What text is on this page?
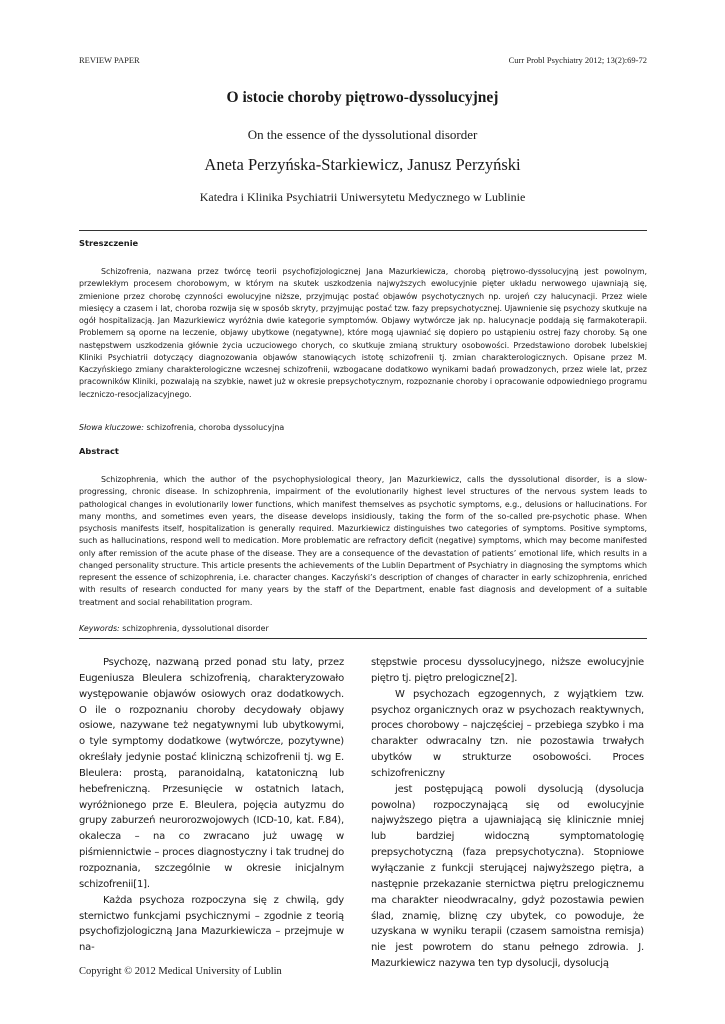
REVIEW PAPER	Curr Probl Psychiatry 2012; 13(2):69-72
O istocie choroby piętrowo-dyssolucyjnej
On the essence of the dyssolutional disorder
Aneta Perzyńska-Starkiewicz, Janusz Perzyński
Katedra i Klinika Psychiatrii Uniwersytetu Medycznego w Lublinie
Streszczenie

Schizofrenia, nazwana przez twórcę teorii psychofizjologicznej Jana Mazurkiewicza, chorobą piętrowo-dyssolucyjną jest powolnym, przewlekłym procesem chorobowym, w którym na skutek uszkodzenia najwyższych ewolucyjnie pięter układu nerwowego ujawniają się, zmienione przez chorobę czynności ewolucyjne niższe, przyjmując postać objawów psychotycznych np. urojeń czy halucynacji. Przez wiele miesięcy a czasem i lat, choroba rozwija się w sposób skryty, przyjmując postać tzw. fazy prepsychotycznej. Ujawnienie się psychozy skutkuje na ogół hospitalizacją. Jan Mazurkiewicz wyróżnia dwie kategorie symptomów. Objawy wytwórcze jak np. halucynacje poddają się farmakoterapii. Problemem są oporne na leczenie, objawy ubytkowe (negatywne), które mogą ujawniać się dopiero po ustąpieniu ostrej fazy choroby. Są one następstwem uszkodzenia głównie życia uczuciowego chorych, co skutkuje zmianą struktury osobowości. Przedstawiono dorobek lubelskiej Kliniki Psychiatrii dotyczący diagnozowania objawów stanowiących istotę schizofrenii tj. zmian charakterologicznych. Opisane przez M. Kaczyńskiego zmiany charakterologiczne wczesnej schizofrenii, wzbogacane dodatkowo wynikami badań prowadzonych, przez wiele lat, przez pracowników Kliniki, pozwalają na szybkie, nawet już w okresie prepsychotycznym, rozpoznanie choroby i opracowanie odpowiedniego programu leczniczo-resocjalizacyjnego.

Słowa kluczowe: schizofrenia, choroba dyssolucyjna
Abstract

Schizophrenia, which the author of the psychophysiological theory, Jan Mazurkiewicz, calls the dyssolutional disorder, is a slow-progressing, chronic disease. In schizophrenia, impairment of the evolutionarily highest level structures of the nervous system leads to pathological changes in evolutionarily lower functions, which manifest themselves as psychotic symptoms, e.g., delusions or hallucinations. For many months, and sometimes even years, the disease develops insidiously, taking the form of the so-called pre-psychotic phase. When psychosis manifests itself, hospitalization is generally required. Mazurkiewicz distinguishes two categories of symptoms. Positive symptoms, such as hallucinations, respond well to medication. More problematic are refractory deficit (negative) symptoms, which may become manifested only after remission of the acute phase of the disease. They are a consequence of the devastation of patients’ emotional life, which results in a changed personality structure. This article presents the achievements of the Lublin Department of Psychiatry in diagnosing the symptoms which represent the essence of schizophrenia, i.e. character changes. Kaczyński’s description of changes of character in early schizophrenia, enriched with results of research conducted for many years by the staff of the Department, enable fast diagnosis and development of a suitable treatment and social rehabilitation program.

Keywords: schizophrenia, dyssolutional disorder

Psychozę, nazwaną przed ponad stu laty, przez Eugeniusza Bleulera schizofrenią, charakteryzowało występowanie objawów osiowych oraz dodatkowych. O ile o rozpoznaniu choroby decydowały objawy osiowe, nazywane też negatywnymi lub ubytkowymi, o tyle symptomy dodatkowe (wytwórcze, pozytywne) określały jedynie postać kliniczną schizofrenii tj. wg E. Bleulera: prostą, paranoidalną, katatoniczną lub hebefreniczną. Przesunięcie w ostatnich latach, wyróżnionego prze E. Bleulera, pojęcia autyzmu do grupy zaburzeń neurorozwojowych (ICD-10, kat. F.84), okalecza – na co zwracano już uwagę w piśmiennictwie – proces diagnostyczny i tak trudnej do rozpoznania, szczególnie w okresie inicjalnym schizofrenii[1].

Każda psychoza rozpoczyna się z chwilą, gdy sternictwo funkcjami psychicznymi – zgodnie z teorią psychofizjologiczną Jana Mazurkiewicza – przejmuje w na-

stępstwie procesu dyssolucyjnego, niższe ewolucyjnie piętro tj. piętro prelogiczne[2].

W psychozach egzogennych, z wyjątkiem tzw. psychoz organicznych oraz w psychozach reaktywnych, proces chorobowy – najczęściej – przebiega szybko i ma charakter odwracalny tzn. nie pozostawia trwałych ubytków w strukturze osobowości. Proces schizofreniczny

jest postępującą powoli dysolucją (dysolucja powolna) rozpoczynającą się od ewolucyjnie najwyższego piętra a ujawniającą się klinicznie mniej lub bardziej widoczną symptomatologię prepsychotyczną (faza prepsychotyczna). Stopniowe wyłączanie z funkcji sterującej najwyższego piętra, a następnie przekazanie sternictwa piętru prelogicznemu ma charakter nieodwracalny, gdyż pozostawia pewien ślad, znamię, bliznę czy ubytek, co powoduje, że uzyskana w wyniku terapii (czasem samoistna remisja) nie jest powrotem do stanu pełnego zdrowia. J. Mazurkiewicz nazywa ten typ dysolucji, dysolucją

Copyright © 2012 Medical University of Lublin
